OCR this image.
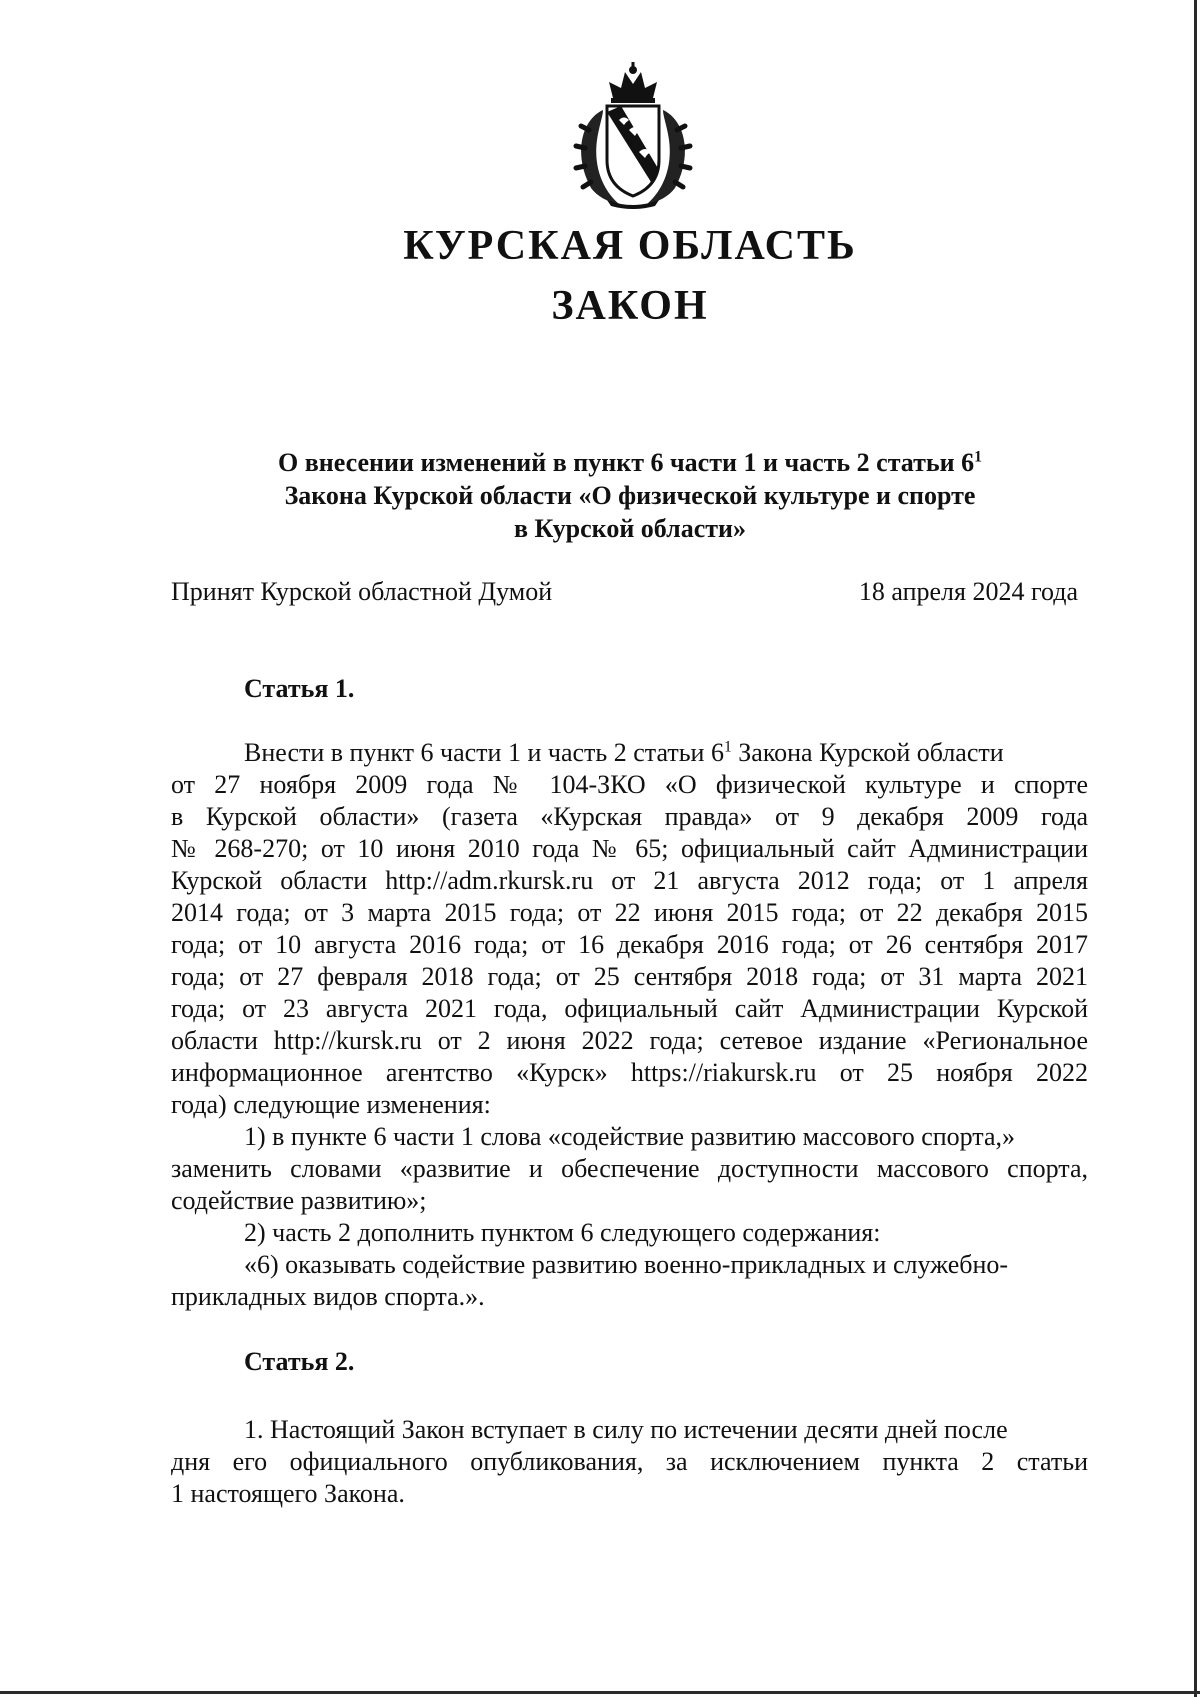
КУРСКАЯ ОБЛАСТЬ
ЗАКОН
О внесении изменений в пункт 6 части 1 и часть 2 статьи $6^1$
Закона Курской области «О физической культуре и спорте
в Курской области»
Принят Курской областной Думой	18 апреля 2024 года
Статья 1.
Внести в пункт 6 части 1 и часть 2 статьи $6^1$ Закона Курской области
от 27 ноября 2009 года № 104-ЗКО «О физической культуре и спорте
в Курской области» (газета «Курская правда» от 9 декабря 2009 года
№ 268-270; от 10 июня 2010 года № 65; официальный сайт Администрации
Курской области http://adm.rkursk.ru от 21 августа 2012 года; от 1 апреля
2014 года; от 3 марта 2015 года; от 22 июня 2015 года; от 22 декабря 2015
года; от 10 августа 2016 года; от 16 декабря 2016 года; от 26 сентября 2017
года; от 27 февраля 2018 года; от 25 сентября 2018 года; от 31 марта 2021
года; от 23 августа 2021 года, официальный сайт Администрации Курской
области http://kursk.ru от 2 июня 2022 года; сетевое издание «Региональное
информационное агентство «Курск» https://riakursk.ru от 25 ноября 2022
года) следующие изменения:
1) в пункте 6 части 1 слова «содействие развитию массового спорта,»
заменить словами «развитие и обеспечение доступности массового спорта,
содействие развитию»;
2) часть 2 дополнить пунктом 6 следующего содержания:
«6) оказывать содействие развитию военно-прикладных и служебно-
прикладных видов спорта.».
Статья 2.
1. Настоящий Закон вступает в силу по истечении десяти дней после
дня его официального опубликования, за исключением пункта 2 статьи
1 настоящего Закона.
